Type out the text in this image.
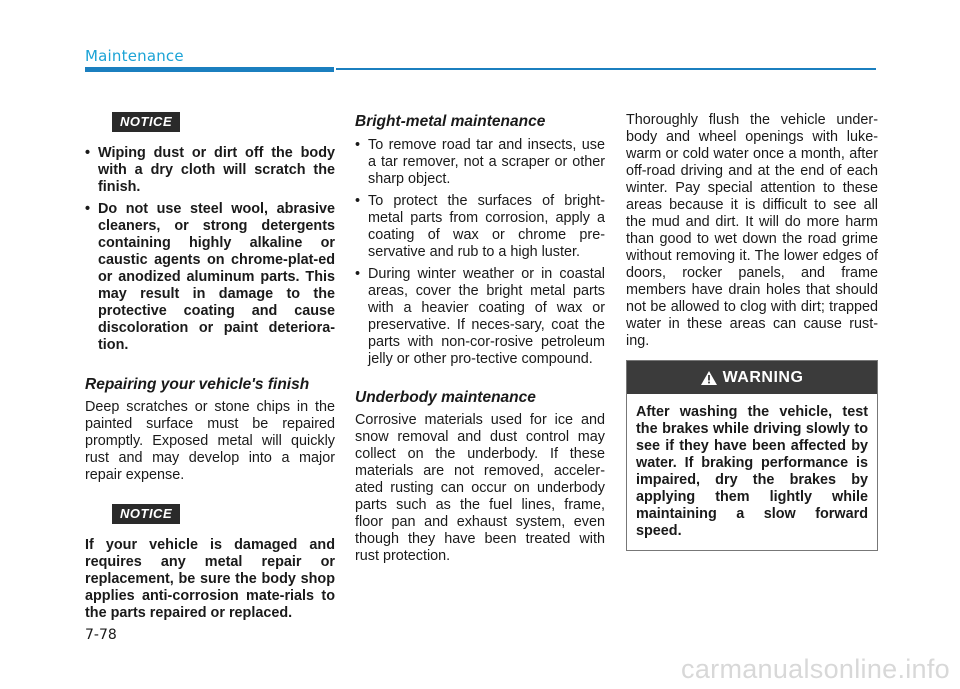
Maintenance
NOTICE
• Wiping dust or dirt off the body with a dry cloth will scratch the finish.
• Do not use steel wool, abrasive cleaners, or strong detergents containing highly alkaline or caustic agents on chrome-plat-ed or anodized aluminum parts. This may result in damage to the protective coating and cause discoloration or paint deteriora-tion.
Repairing your vehicle's finish

Deep scratches or stone chips in the painted surface must be repaired promptly. Exposed metal will quickly rust and may develop into a major repair expense.

NOTICE

If your vehicle is damaged and requires any metal repair or replacement, be sure the body shop applies anti-corrosion mate-rials to the parts repaired or replaced.

Bright-metal maintenance
• To remove road tar and insects, use a tar remover, not a scraper or other sharp object.
• To protect the surfaces of bright-metal parts from corrosion, apply a coating of wax or chrome pre-servative and rub to a high luster.
• During winter weather or in coastal areas, cover the bright metal parts with a heavier coating of wax or preservative. If neces-sary, coat the parts with non-cor-rosive petroleum jelly or other pro-tective compound.
Underbody maintenance

Corrosive materials used for ice and snow removal and dust control may collect on the underbody. If these materials are not removed, acceler-ated rusting can occur on underbody parts such as the fuel lines, frame, floor pan and exhaust system, even though they have been treated with rust protection.

Thoroughly flush the vehicle under-body and wheel openings with luke-warm or cold water once a month, after off-road driving and at the end of each winter. Pay special attention to these areas because it is difficult to see all the mud and dirt. It will do more harm than good to wet down the road grime without removing it. The lower edges of doors, rocker panels, and frame members have drain holes that should not be allowed to clog with dirt; trapped water in these areas can cause rust-ing.

WARNING
After washing the vehicle, test the brakes while driving slowly to see if they have been affected by water. If braking performance is impaired, dry the brakes by applying them lightly while maintaining a slow forward speed.
7-78
carmanualsonline.info
